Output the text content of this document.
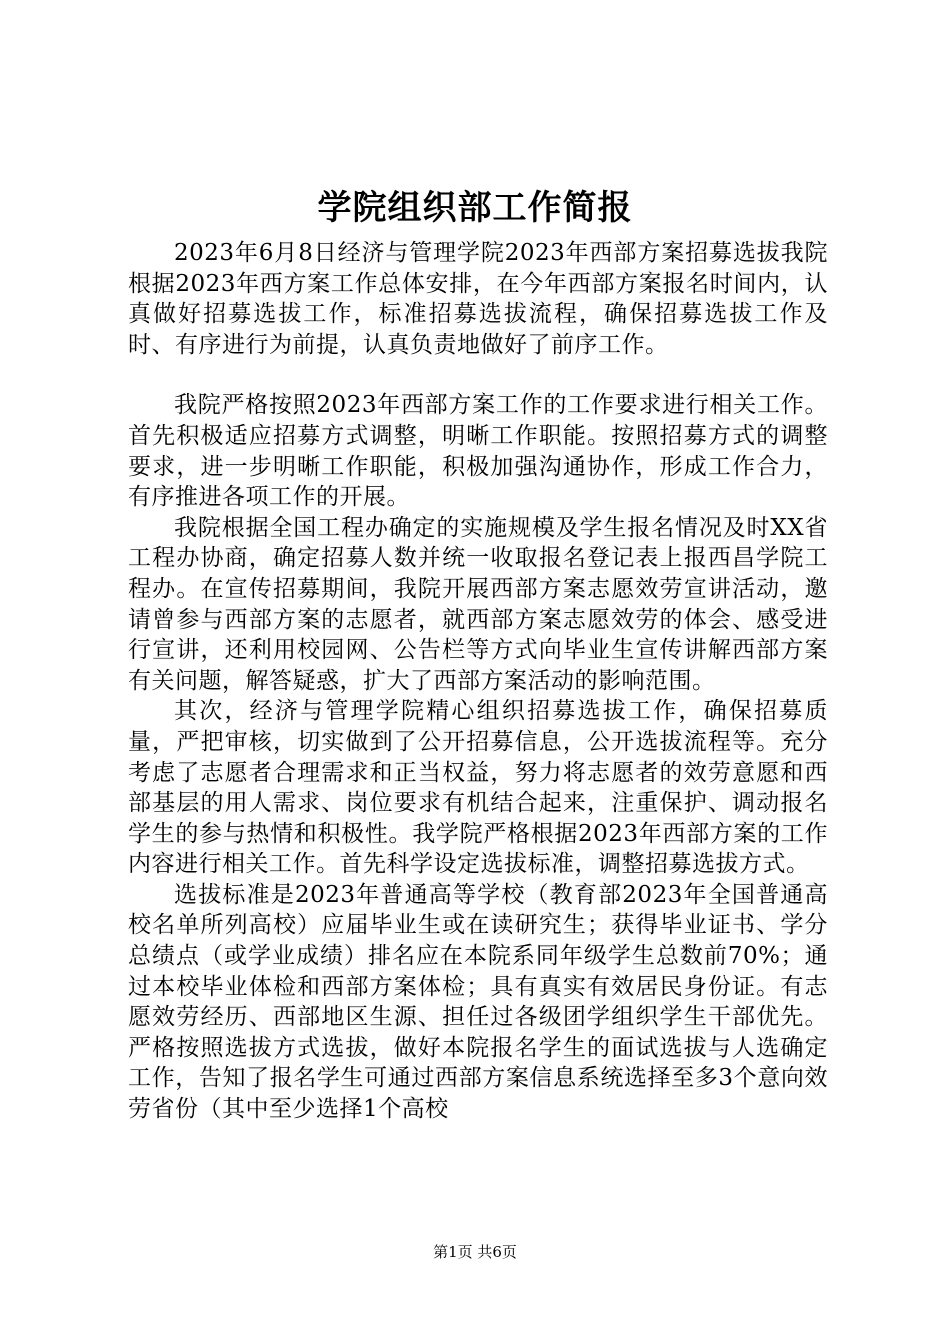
学院组织部工作简报

2023年6月8日经济与管理学院2023年西部方案招募选拔我院根据2023年西方案工作总体安排，在今年西部方案报名时间内，认真做好招募选拔工作，标准招募选拔流程，确保招募选拔工作及时、有序进行为前提，认真负责地做好了前序工作。

我院严格按照2023年西部方案工作的工作要求进行相关工作。首先积极适应招募方式调整，明晰工作职能。按照招募方式的调整要求，进一步明晰工作职能，积极加强沟通协作，形成工作合力，有序推进各项工作的开展。

我院根据全国工程办确定的实施规模及学生报名情况及时XX省工程办协商，确定招募人数并统一收取报名登记表上报西昌学院工程办。在宣传招募期间，我院开展西部方案志愿效劳宣讲活动，邀请曾参与西部方案的志愿者，就西部方案志愿效劳的体会、感受进行宣讲，还利用校园网、公告栏等方式向毕业生宣传讲解西部方案有关问题，解答疑惑，扩大了西部方案活动的影响范围。

其次，经济与管理学院精心组织招募选拔工作，确保招募质量，严把审核，切实做到了公开招募信息，公开选拔流程等。充分考虑了志愿者合理需求和正当权益，努力将志愿者的效劳意愿和西部基层的用人需求、岗位要求有机结合起来，注重保护、调动报名学生的参与热情和积极性。我学院严格根据2023年西部方案的工作内容进行相关工作。首先科学设定选拔标准，调整招募选拔方式。

选拔标准是2023年普通高等学校（教育部2023年全国普通高校名单所列高校）应届毕业生或在读研究生；获得毕业证书、学分总绩点（或学业成绩）排名应在本院系同年级学生总数前70%；通过本校毕业体检和西部方案体检；具有真实有效居民身份证。有志愿效劳经历、西部地区生源、担任过各级团学组织学生干部优先。严格按照选拔方式选拔，做好本院报名学生的面试选拔与人选确定工作，告知了报名学生可通过西部方案信息系统选择至多3个意向效劳省份（其中至少选择1个高校

第1页 共6页
